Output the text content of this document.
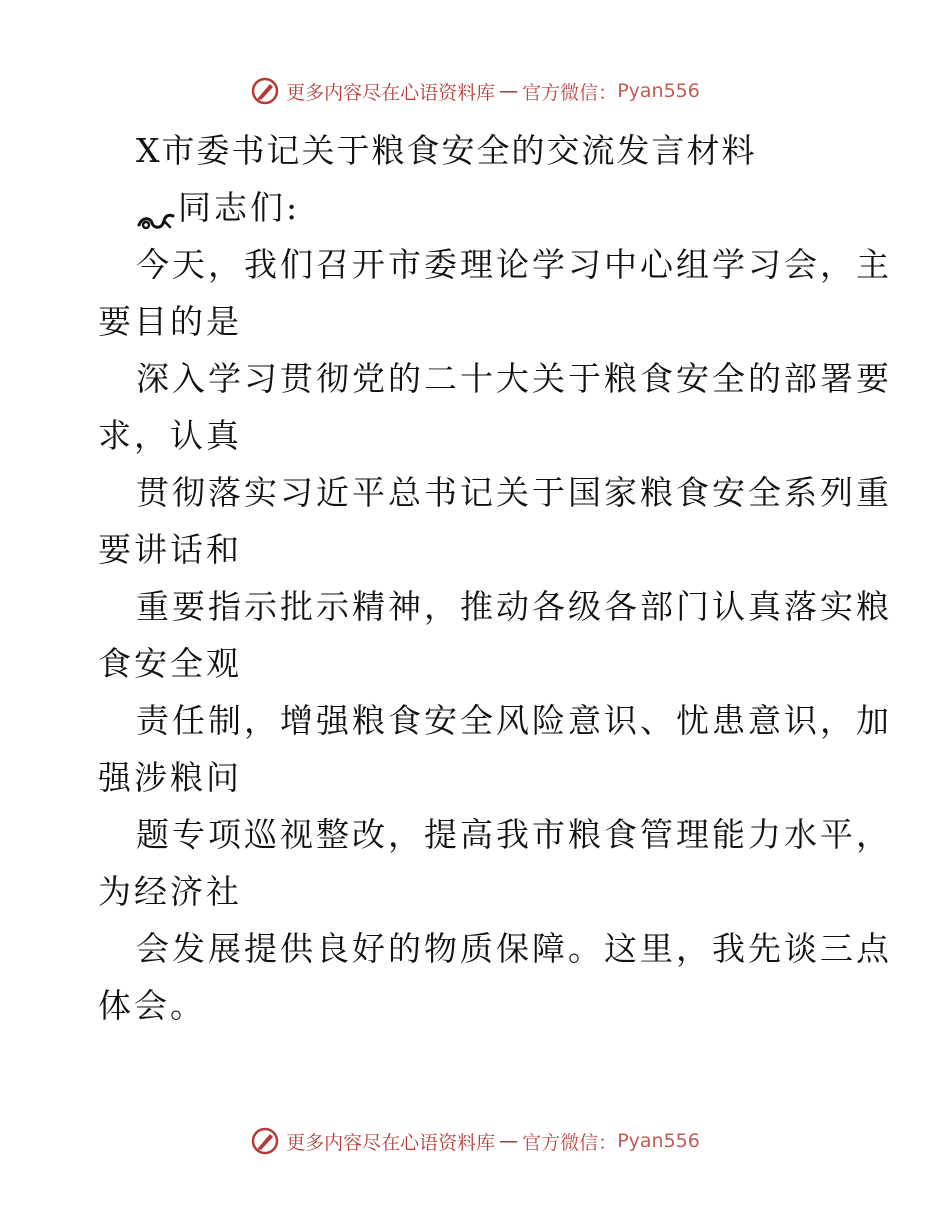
更多内容尽在心语资料库 — 官方微信： Pyan556
X市委书记关于粮食安全的交流发言材料
同志们:
今天，我们召开市委理论学习中心组学习会，主
要目的是
深入学习贯彻党的二十大关于粮食安全的部署要
求，认真
贯彻落实习近平总书记关于国家粮食安全系列重
要讲话和
重要指示批示精神，推动各级各部门认真落实粮
食安全观
责任制，增强粮食安全风险意识、忧患意识，加
强涉粮问
题专项巡视整改，提高我市粮食管理能力水平，
为经济社
会发展提供良好的物质保障。这里，我先谈三点
体会。
更多内容尽在心语资料库 — 官方微信： Pyan556
